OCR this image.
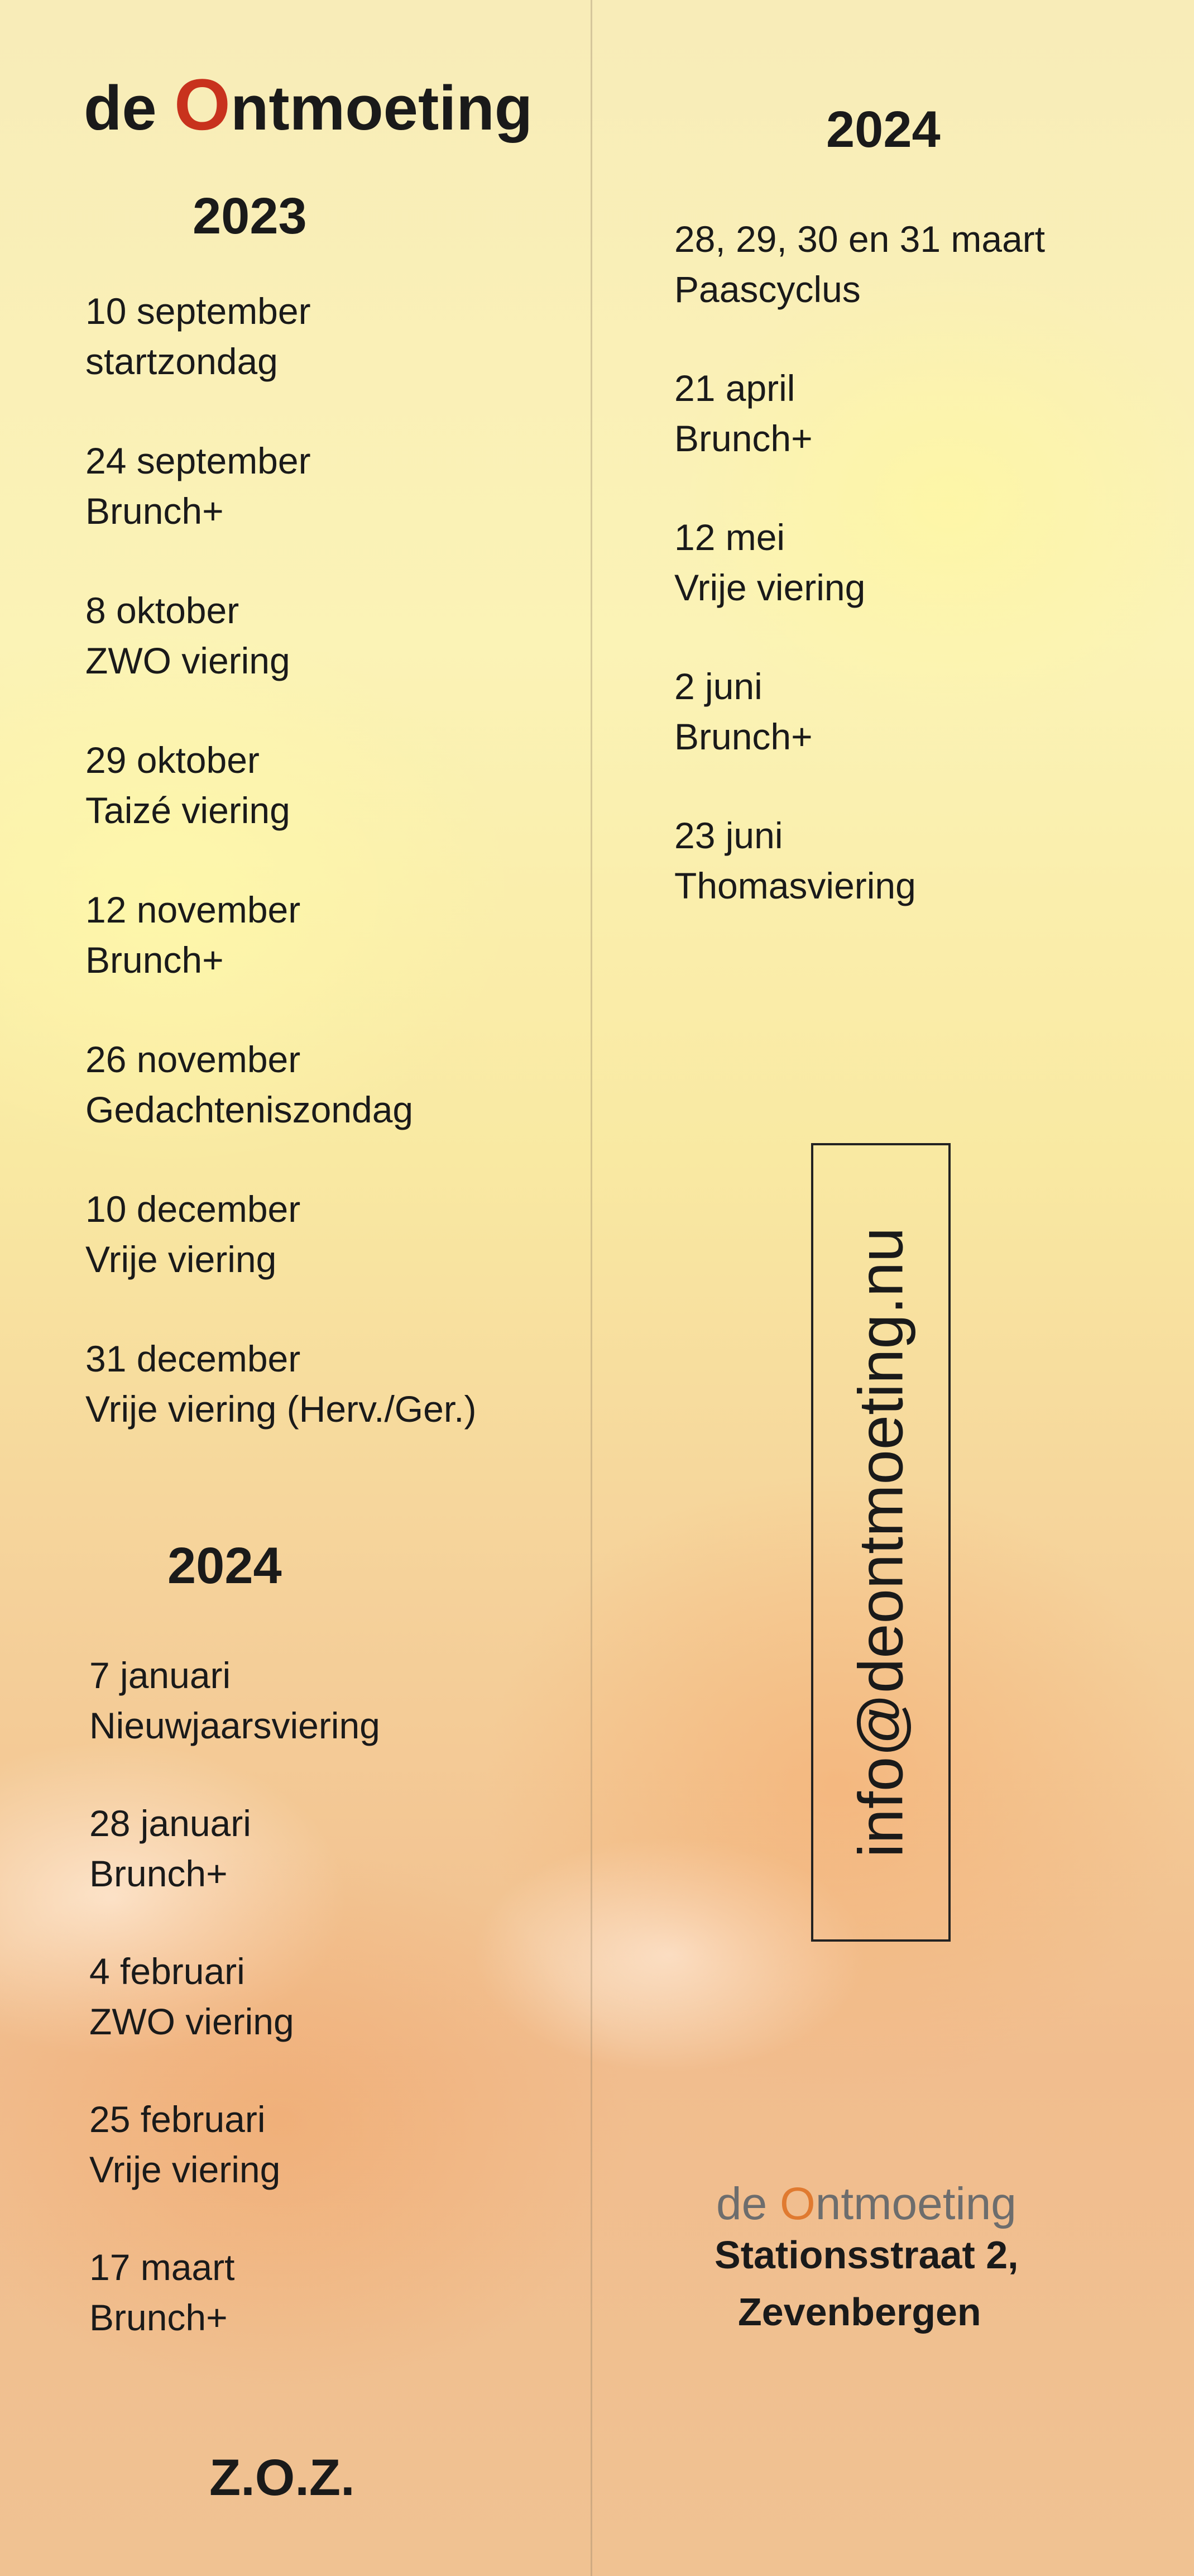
de Ontmoeting
2023
10 september
startzondag
24 september
Brunch+
8 oktober
ZWO viering
29 oktober
Taizé viering
12 november
Brunch+
26 november
Gedachteniszondag
10 december
Vrije viering
31 december
Vrije viering (Herv./Ger.)
2024
7 januari
Nieuwjaarsviering
28 januari
Brunch+
4 februari
ZWO viering
25 februari
Vrije viering
17 maart
Brunch+
Z.O.Z.
2024
28, 29, 30 en 31 maart
Paascyclus
21 april
Brunch+
12 mei
Vrije viering
2 juni
Brunch+
23 juni
Thomasviering
info@deontmoeting.nu
de Ontmoeting
Stationsstraat 2,
Zevenbergen
